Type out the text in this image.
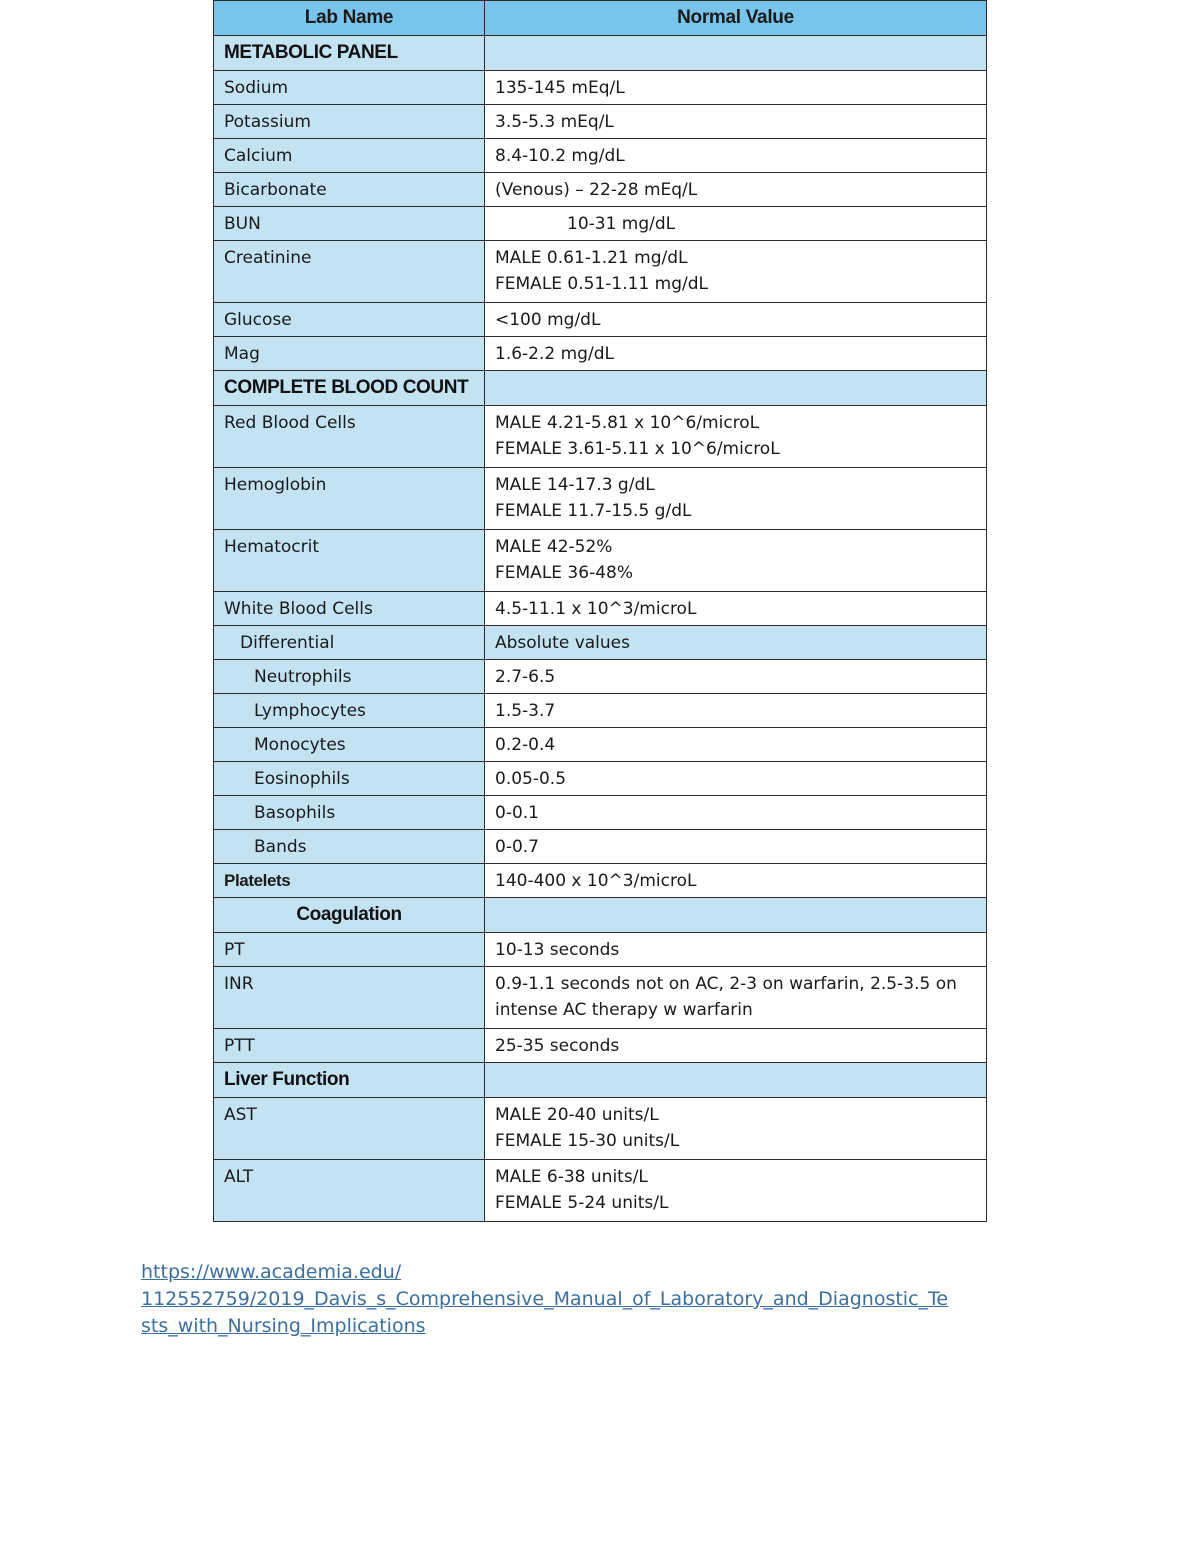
Lab Name	Normal Value
METABOLIC PANEL	
Sodium	135-145 mEq/L
Potassium	3.5-5.3 mEq/L
Calcium	8.4-10.2 mg/dL
Bicarbonate	(Venous) – 22-28 mEq/L
BUN	10-31 mg/dL
Creatinine	MALE 0.61-1.21 mg/dL
FEMALE 0.51-1.11 mg/dL

Glucose	<100 mg/dL
Mag	1.6-2.2 mg/dL
COMPLETE BLOOD COUNT	
Red Blood Cells	MALE 4.21-5.81 x 10^6/microL
FEMALE 3.61-5.11 x 10^6/microL

Hemoglobin	MALE 14-17.3 g/dL
FEMALE 11.7-15.5 g/dL

Hematocrit	MALE 42-52%
FEMALE 36-48%

White Blood Cells	4.5-11.1 x 10^3/microL
Differential	Absolute values
Neutrophils	2.7-6.5
Lymphocytes	1.5-3.7
Monocytes	0.2-0.4
Eosinophils	0.05-0.5
Basophils	0-0.1
Bands	0-0.7
Platelets	140-400 x 10^3/microL
Coagulation	
PT	10-13 seconds
INR	0.9-1.1 seconds not on AC, 2-3 on warfarin, 2.5-3.5 on
intense AC therapy w warfarin

PTT	25-35 seconds
Liver Function	
AST	MALE 20-40 units/L
FEMALE 15-30 units/L

ALT	MALE 6-38 units/L
FEMALE 5-24 units/L
https://www.academia.edu/
112552759/2019_Davis_s_Comprehensive_Manual_of_Laboratory_and_Diagnostic_Te
sts_with_Nursing_Implications
